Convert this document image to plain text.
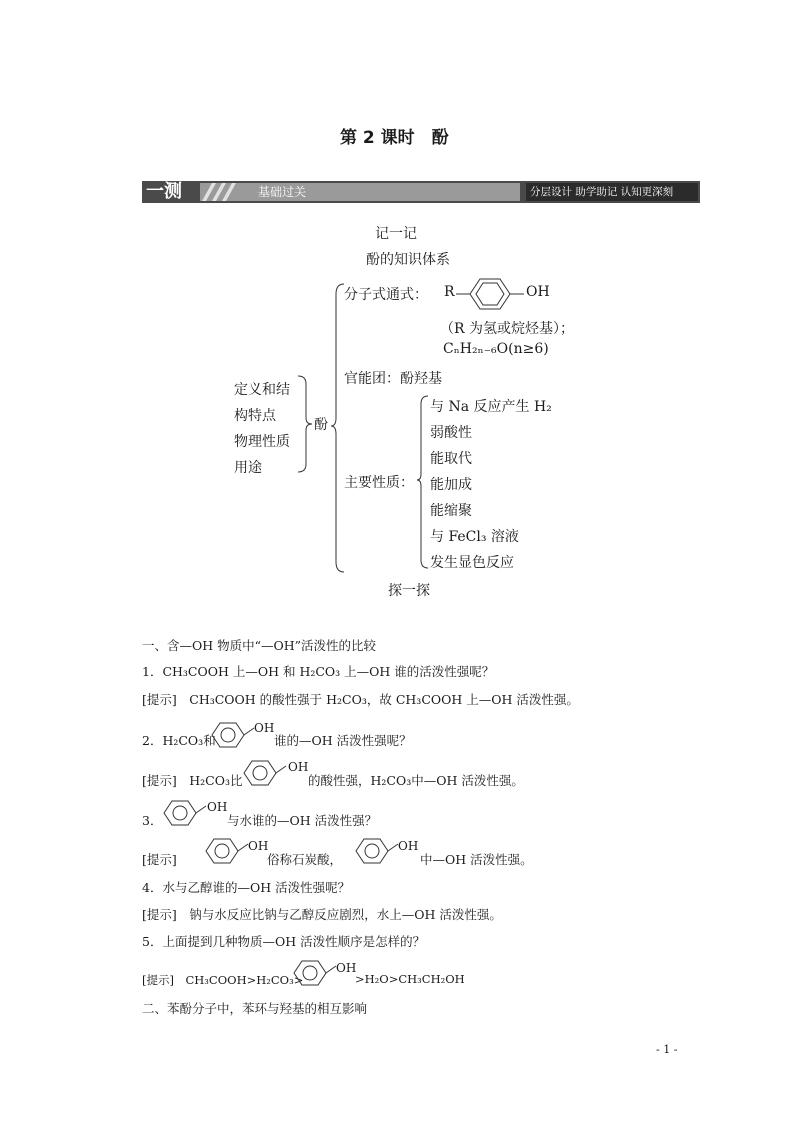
第 2 课时　酚
一测	基础过关	分层设计 助学助记 认知更深刻
记一记
酚的知识体系
定义和结
构特点
物理性质
用途
酚
分子式通式： R	OH
（R 为氢或烷烃基）；
CₙH₂ₙ₋₆O(n≥6)
官能团：酚羟基
主要性质：
与 Na 反应产生 H₂
弱酸性
能取代
能加成
能缩聚
与 FeCl₃ 溶液
发生显色反应
探一探
一、含—OH 物质中“—OH”活泼性的比较
1．CH₃COOH 上—OH 和 H₂CO₃ 上—OH 谁的活泼性强呢？
[提示]　CH₃COOH 的酸性强于 H₂CO₃，故 CH₃COOH 上—OH 活泼性强。
2．H₂CO₃和
OH
谁的—OH 活泼性强呢？
[提示]　H₂CO₃比
OH
的酸性强，H₂CO₃中—OH 活泼性强。
3．
OH
与水谁的—OH 活泼性强？
[提示]
OH
俗称石炭酸，
OH
中—OH 活泼性强。
4．水与乙醇谁的—OH 活泼性强呢？
[提示]　钠与水反应比钠与乙醇反应剧烈，水上—OH 活泼性强。
5．上面提到几种物质—OH 活泼性顺序是怎样的？
[提示]　CH₃COOH>H₂CO₃>
OH
>H₂O>CH₃CH₂OH
二、苯酚分子中，苯环与羟基的相互影响
- 1 -
